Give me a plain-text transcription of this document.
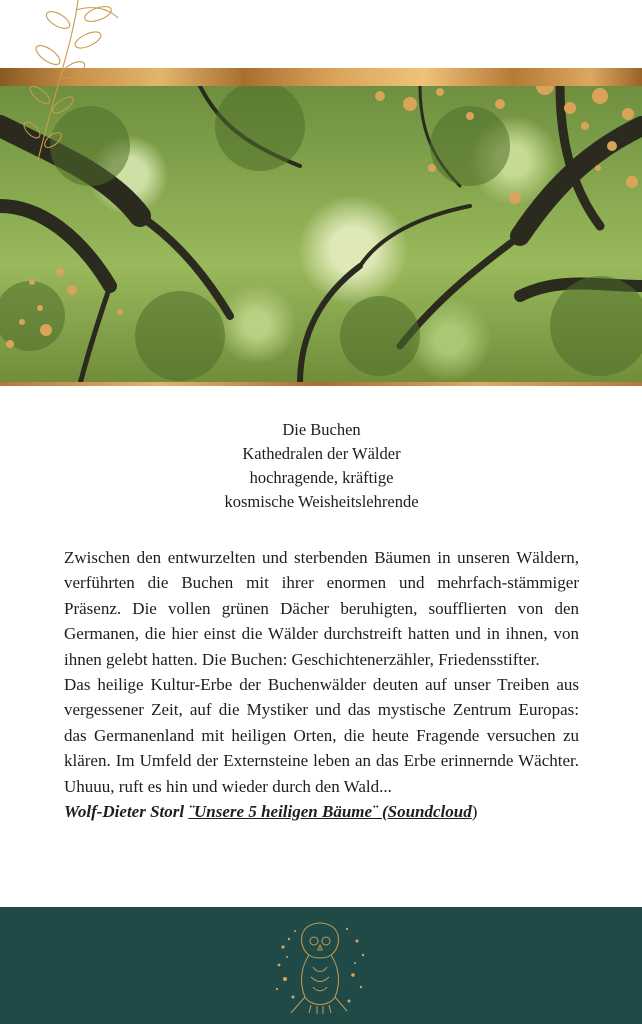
Die Buchen
Kathedralen der Wälder
hochragende, kräftige
kosmische Weisheitslehrende

Zwischen den entwurzelten und sterbenden Bäumen in unseren Wäldern, verführten die Buchen mit ihrer enormen und mehrfach-stämmiger Präsenz. Die vollen grünen Dächer beruhigten, soufflierten von den Germanen, die hier einst die Wälder durchstreift hatten und in ihnen, von ihnen gelebt hatten. Die Buchen: Geschichtenerzähler, Friedensstifter.

Das heilige Kultur-Erbe der Buchenwälder deuten auf unser Treiben aus vergessener Zeit, auf die Mystiker und das mystische Zentrum Europas: das Germanenland mit heiligen Orten, die heute Fragende versuchen zu klären. Im Umfeld der Externsteine leben an das Erbe erinnernde Wächter. Uhuuu, ruft es hin und wieder durch den Wald...

Wolf-Dieter Storl ¨Unsere 5 heiligen Bäume¨ (Soundcloud)
